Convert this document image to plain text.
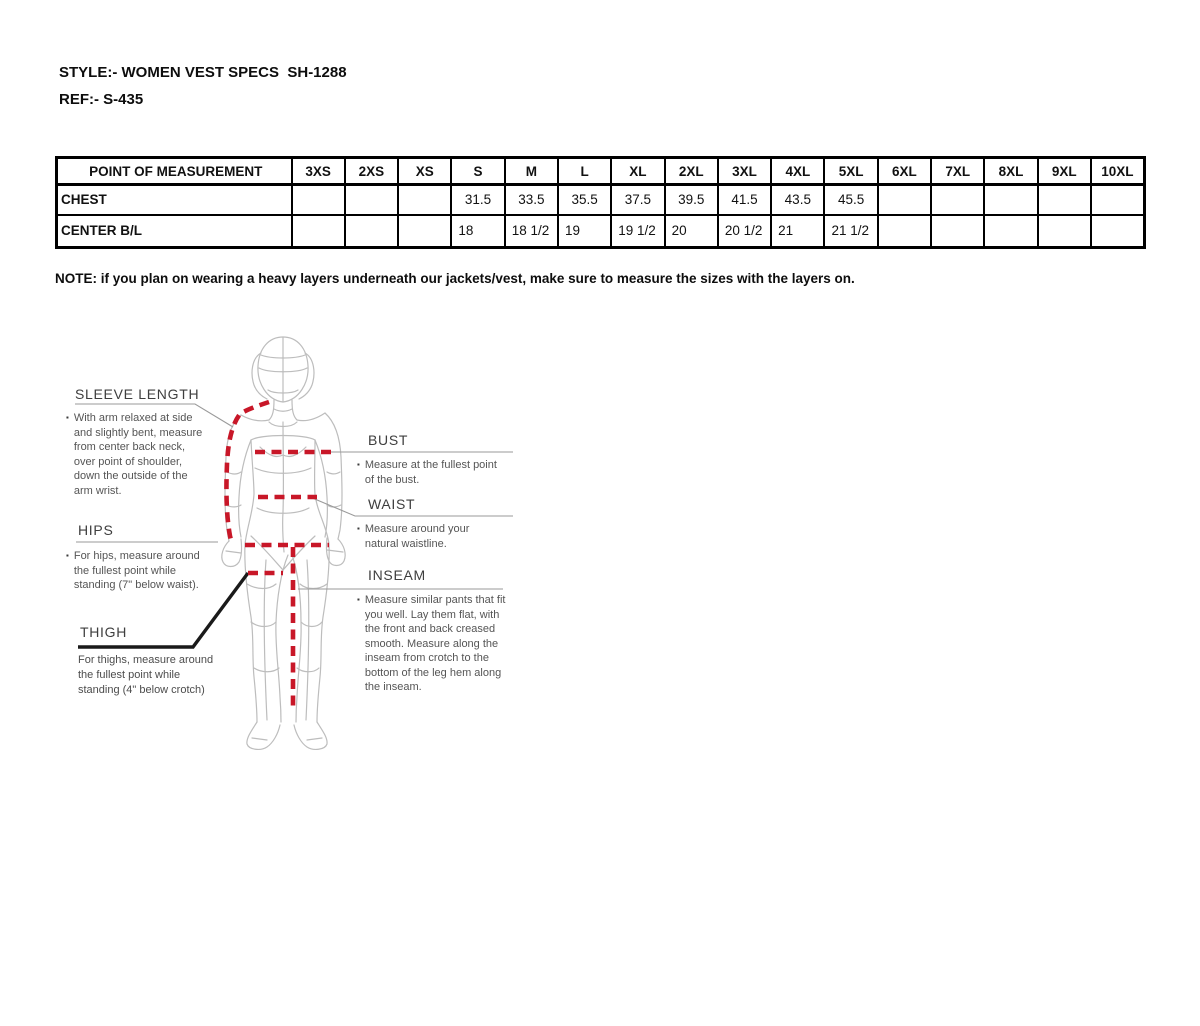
STYLE:- WOMEN VEST SPECS  SH-1288
REF:- S-435
POINT OF MEASUREMENT	3XS	2XS	XS	S	M	L	XL	2XL	3XL	4XL	5XL	6XL	7XL	8XL	9XL	10XL
CHEST				31.5	33.5	35.5	37.5	39.5	41.5	43.5	45.5					
CENTER B/L				18	18 1/2	19	19 1/2	20	20 1/2	21	21 1/2					
NOTE: if you plan on wearing a heavy layers underneath our jackets/vest, make sure to measure the sizes with the layers on.
SLEEVE LENGTH
▪ With arm relaxed at side and slightly bent, measure from center back neck, over point of shoulder, down the outside of the arm wrist.
HIPS
▪ For hips, measure around the fullest point while standing (7" below waist).
THIGH
For thighs, measure around the fullest point while standing (4" below crotch)
BUST
▪ Measure at the fullest point of the bust.
WAIST
▪ Measure around your natural waistline.
INSEAM
▪ Measure similar pants that fit you well. Lay them flat, with the front and back creased smooth. Measure along the inseam from crotch to the bottom of the leg hem along the inseam.
